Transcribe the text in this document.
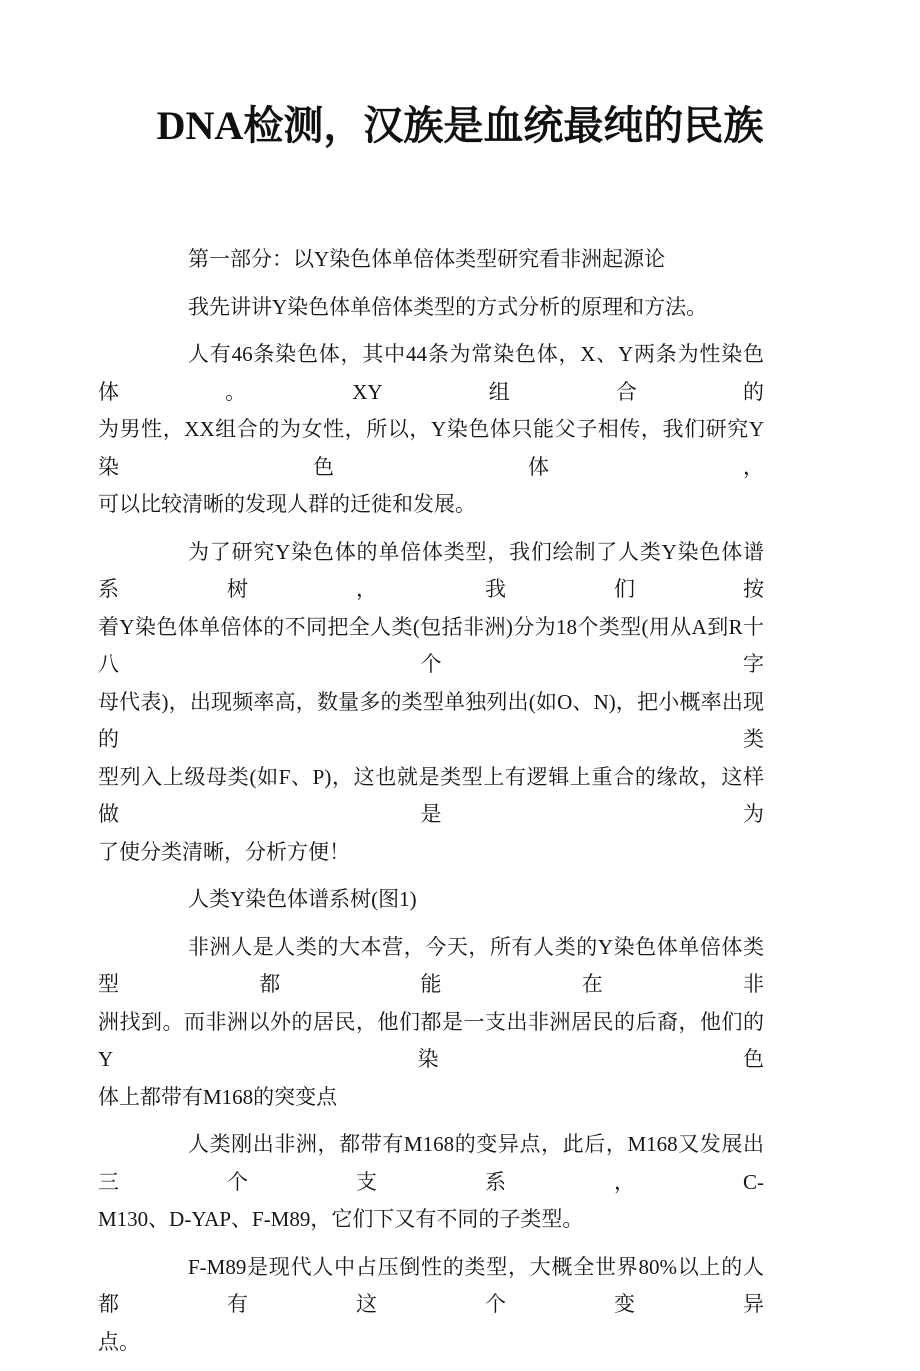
DNA检测，汉族是血统最纯的民族
第一部分：以Y染色体单倍体类型研究看非洲起源论
我先讲讲Y染色体单倍体类型的方式分析的原理和方法。
人有46条染色体，其中44条为常染色体，X、Y两条为性染色体。XY组合的
为男性，XX组合的为女性，所以，Y染色体只能父子相传，我们研究Y染色体，
可以比较清晰的发现人群的迁徙和发展。
为了研究Y染色体的单倍体类型，我们绘制了人类Y染色体谱系树，我们按
着Y染色体单倍体的不同把全人类(包括非洲)分为18个类型(用从A到R十八个字
母代表)，出现频率高，数量多的类型单独列出(如O、N)，把小概率出现的类
型列入上级母类(如F、P)，这也就是类型上有逻辑上重合的缘故，这样做是为
了使分类清晰，分析方便！
人类Y染色体谱系树(图1)
非洲人是人类的大本营，今天，所有人类的Y染色体单倍体类型都能在非
洲找到。而非洲以外的居民，他们都是一支出非洲居民的后裔，他们的Y染色
体上都带有M168的突变点
人类刚出非洲，都带有M168的变异点，此后，M168又发展出三个支系，C-
M130、D-YAP、F-M89，它们下又有不同的子类型。
F-M89是现代人中占压倒性的类型，大概全世界80%以上的人都有这个变异
点。
